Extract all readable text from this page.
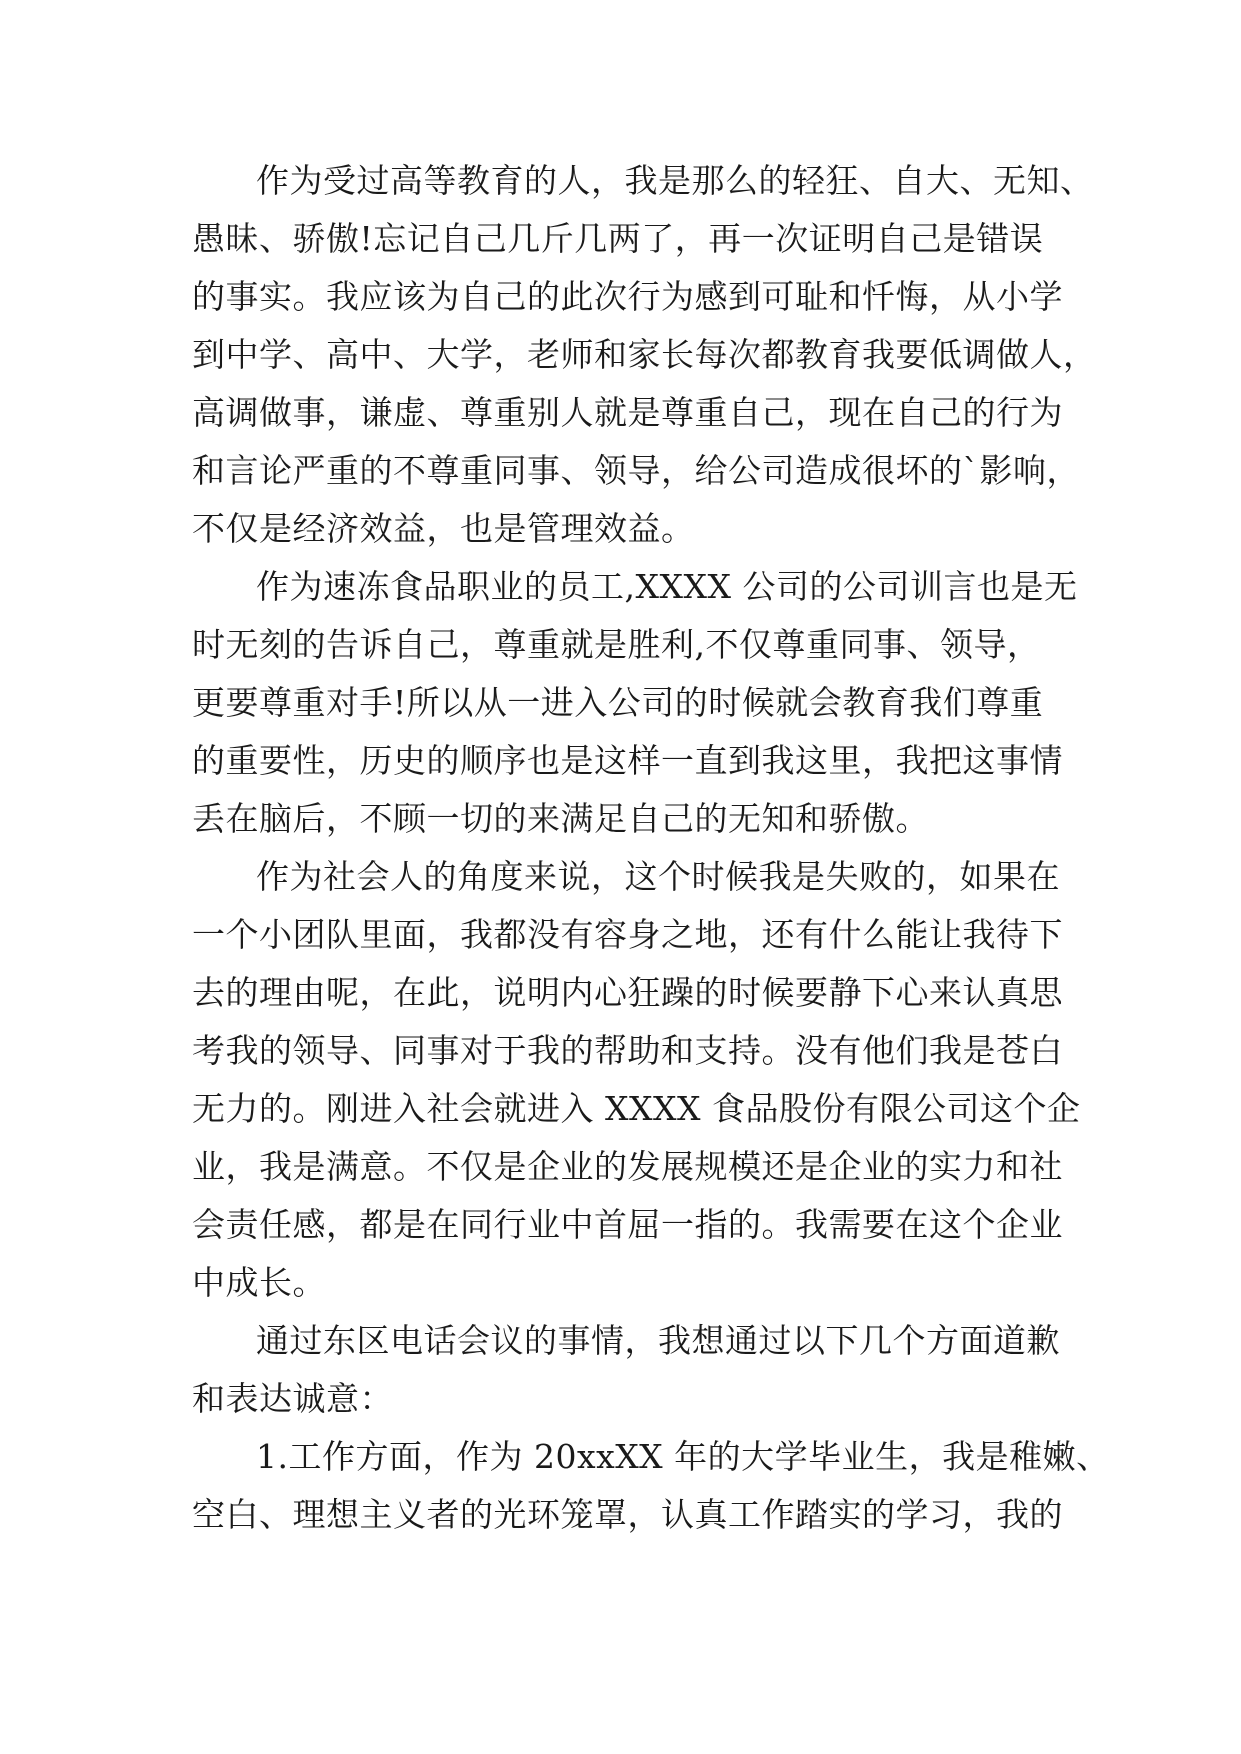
作为受过高等教育的人，我是那么的轻狂、自大、无知、
愚昧、骄傲!忘记自己几斤几两了，再一次证明自己是错误
的事实。我应该为自己的此次行为感到可耻和忏悔，从小学
到中学、高中、大学，老师和家长每次都教育我要低调做人，
高调做事，谦虚、尊重别人就是尊重自己，现在自己的行为
和言论严重的不尊重同事、领导，给公司造成很坏的`影响，
不仅是经济效益，也是管理效益。
作为速冻食品职业的员工,XXXX 公司的公司训言也是无
时无刻的告诉自己，尊重就是胜利,不仅尊重同事、领导，
更要尊重对手!所以从一进入公司的时候就会教育我们尊重
的重要性，历史的顺序也是这样一直到我这里，我把这事情
丢在脑后，不顾一切的来满足自己的无知和骄傲。
作为社会人的角度来说，这个时候我是失败的，如果在
一个小团队里面，我都没有容身之地，还有什么能让我待下
去的理由呢，在此，说明内心狂躁的时候要静下心来认真思
考我的领导、同事对于我的帮助和支持。没有他们我是苍白
无力的。刚进入社会就进入 XXXX 食品股份有限公司这个企
业，我是满意。不仅是企业的发展规模还是企业的实力和社
会责任感，都是在同行业中首屈一指的。我需要在这个企业
中成长。
通过东区电话会议的事情，我想通过以下几个方面道歉
和表达诚意：
1.工作方面，作为 20xxXX 年的大学毕业生，我是稚嫩、
空白、理想主义者的光环笼罩，认真工作踏实的学习，我的
